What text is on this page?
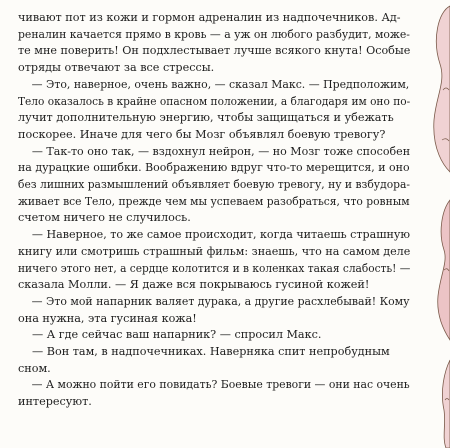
чивают пот из кожи и гормон адреналин из надпочечников. Ад-
реналин качается прямо в кровь — а уж он любого разбудит, може-
те мне поверить! Он подхлестывает лучше всякого кнута! Особые
отряды отвечают за все стрессы.
— Это, наверное, очень важно, — сказал Макс. — Предположим,
Тело оказалось в крайне опасном положении, а благодаря им оно по-
лучит дополнительную энергию, чтобы защищаться и убежать
поскорее. Иначе для чего бы Мозг объявлял боевую тревогу?
— Так-то оно так, — вздохнул нейрон, — но Мозг тоже способен
на дурацкие ошибки. Воображению вдруг что-то мерещится, и оно
без лишних размышлений объявляет боевую тревогу, ну и взбудора-
живает все Тело, прежде чем мы успеваем разобраться, что ровным
счетом ничего не случилось.
— Наверное, то же самое происходит, когда читаешь страшную
книгу или смотришь страшный фильм: знаешь, что на самом деле
ничего этого нет, а сердце колотится и в коленках такая слабость! —
сказала Молли. — Я даже вся покрываюсь гусиной кожей!
— Это мой напарник валяет дурака, а другие расхлебывай! Кому
она нужна, эта гусиная кожа!
— А где сейчас ваш напарник? — спросил Макс.
— Вон там, в надпочечниках. Наверняка спит непробудным
сном.
— А можно пойти его повидать? Боевые тревоги — они нас очень
интересуют.
